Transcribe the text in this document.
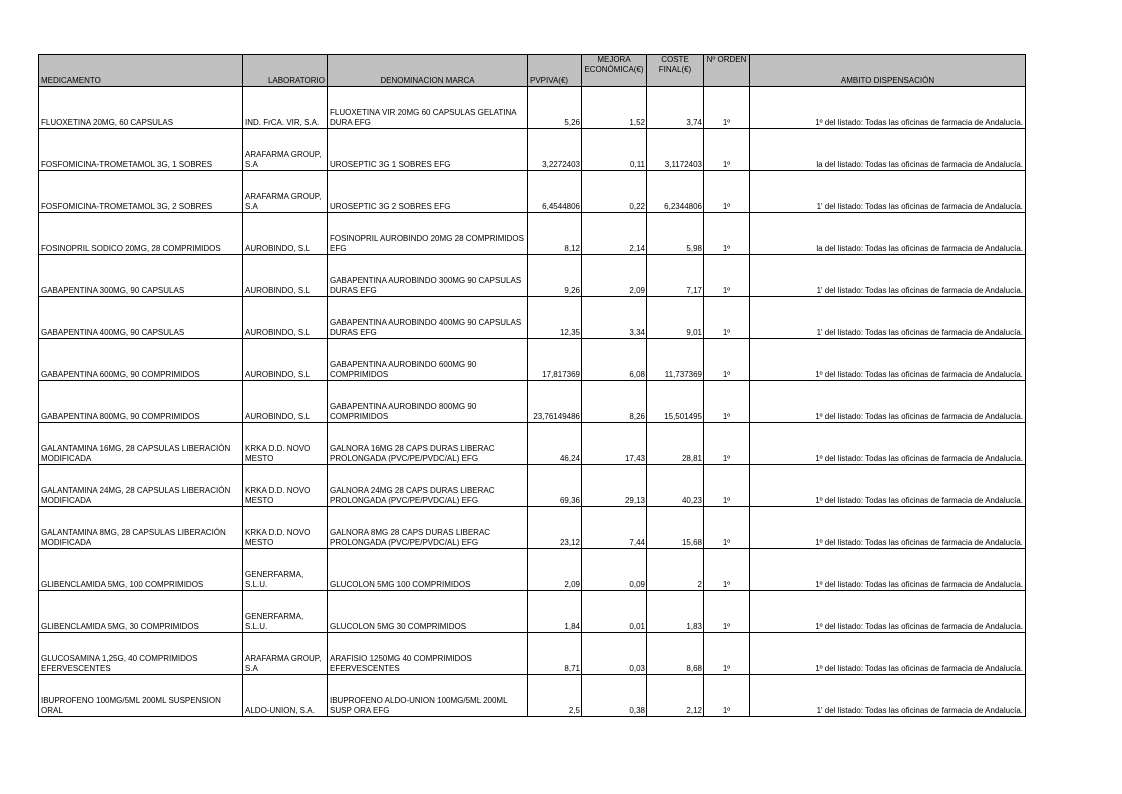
MEDICAMENTO	LABORATORIO	DENOMINACION MARCA	PVPIVA(€)	MEJORA ECONÓMICA(€)	COSTE FINAL(€)	Nº ORDEN	AMBITO DISPENSACIÓN
FLUOXETINA 20MG, 60 CAPSULAS	IND. FrCA. VIR, S.A.	FLUOXETINA VIR 20MG 60 CAPSULAS GELATINA DURA EFG	5,26	1,52	3,74	1º	1º del listado: Todas las oficinas de farmacia de Andalucía.
FOSFOMICINA-TROMETAMOL 3G, 1 SOBRES	ARAFARMA GROUP, S.A	UROSEPTIC 3G 1 SOBRES EFG	3,2272403	0,11	3,1172403	1º	la del listado: Todas las oficinas de farmacia de Andalucía.
FOSFOMICINA-TROMETAMOL 3G, 2 SOBRES	ARAFARMA GROUP, S.A	UROSEPTIC 3G 2 SOBRES EFG	6,4544806	0,22	6,2344806	1º	1' del listado: Todas las oficinas de farmacia de Andalucía.
FOSINOPRIL SODICO 20MG, 28 COMPRIMIDOS	AUROBINDO, S.L	FOSINOPRIL AUROBINDO 20MG 28 COMPRIMIDOS EFG	8,12	2,14	5,98	1º	la del listado: Todas las oficinas de farmacia de Andalucía.
GABAPENTINA 300MG, 90 CAPSULAS	AUROBINDO, S.L	GABAPENTINA AUROBINDO 300MG 90 CAPSULAS DURAS EFG	9,26	2,09	7,17	1º	1' del listado: Todas las oficinas de farmacia de Andalucía.
GABAPENTINA 400MG, 90 CAPSULAS	AUROBINDO, S.L	GABAPENTINA AUROBINDO 400MG 90 CAPSULAS DURAS EFG	12,35	3,34	9,01	1º	1' del listado: Todas las oficinas de farmacia de Andalucía.
GABAPENTINA 600MG, 90 COMPRIMIDOS	AUROBINDO, S.L	GABAPENTINA AUROBINDO 600MG 90 COMPRIMIDOS	17,817369	6,08	11,737369	1º	1º del listado: Todas las oficinas de farmacia de Andalucía.
GABAPENTINA 800MG, 90 COMPRIMIDOS	AUROBINDO, S.L	GABAPENTINA AUROBINDO 800MG 90 COMPRIMIDOS	23,76149486	8,26	15,501495	1º	1º del listado: Todas las oficinas de farmacia de Andalucía.
GALANTAMINA 16MG, 28 CAPSULAS LIBERACIÓN MODIFICADA	KRKA D.D. NOVO MESTO	GALNORA 16MG 28 CAPS DURAS LIBERAC PROLONGADA (PVC/PE/PVDC/AL) EFG	46,24	17,43	28,81	1º	1º del listado: Todas las oficinas de farmacia de Andalucía.
GALANTAMINA 24MG, 28 CAPSULAS LIBERACIÓN MODIFICADA	KRKA D.D. NOVO MESTO	GALNORA 24MG 28 CAPS DURAS LIBERAC PROLONGADA (PVC/PE/PVDC/AL) EFG	69,36	29,13	40,23	1º	1º del listado: Todas las oficinas de farmacia de Andalucía.
GALANTAMINA 8MG, 28 CAPSULAS LIBERACIÓN MODIFICADA	KRKA D.D. NOVO MESTO	GALNORA 8MG 28 CAPS DURAS LIBERAC PROLONGADA (PVC/PE/PVDC/AL) EFG	23,12	7,44	15,68	1º	1º del listado: Todas las oficinas de farmacia de Andalucía.
GLIBENCLAMIDA 5MG, 100 COMPRIMIDOS	GENERFARMA, S.L.U.	GLUCOLON 5MG 100 COMPRIMIDOS	2,09	0,09	2	1º	1º del listado: Todas las oficinas de farmacia de Andalucía.
GLIBENCLAMIDA 5MG, 30 COMPRIMIDOS	GENERFARMA, S.L.U.	GLUCOLON 5MG 30 COMPRIMIDOS	1,84	0,01	1,83	1º	1º del listado: Todas las oficinas de farmacia de Andalucía.
GLUCOSAMINA 1,25G, 40 COMPRIMIDOS EFERVESCENTES	ARAFARMA GROUP, S.A	ARAFISIO 1250MG 40 COMPRIMIDOS EFERVESCENTES	8,71	0,03	8,68	1º	1º del listado: Todas las oficinas de farmacia de Andalucía.
IBUPROFENO 100MG/5ML 200ML SUSPENSION ORAL	ALDO-UNION, S.A.	IBUPROFENO ALDO-UNION 100MG/5ML 200ML SUSP ORA EFG	2,5	0,38	2,12	1º	1' del listado: Todas las oficinas de farmacia de Andalucía.
